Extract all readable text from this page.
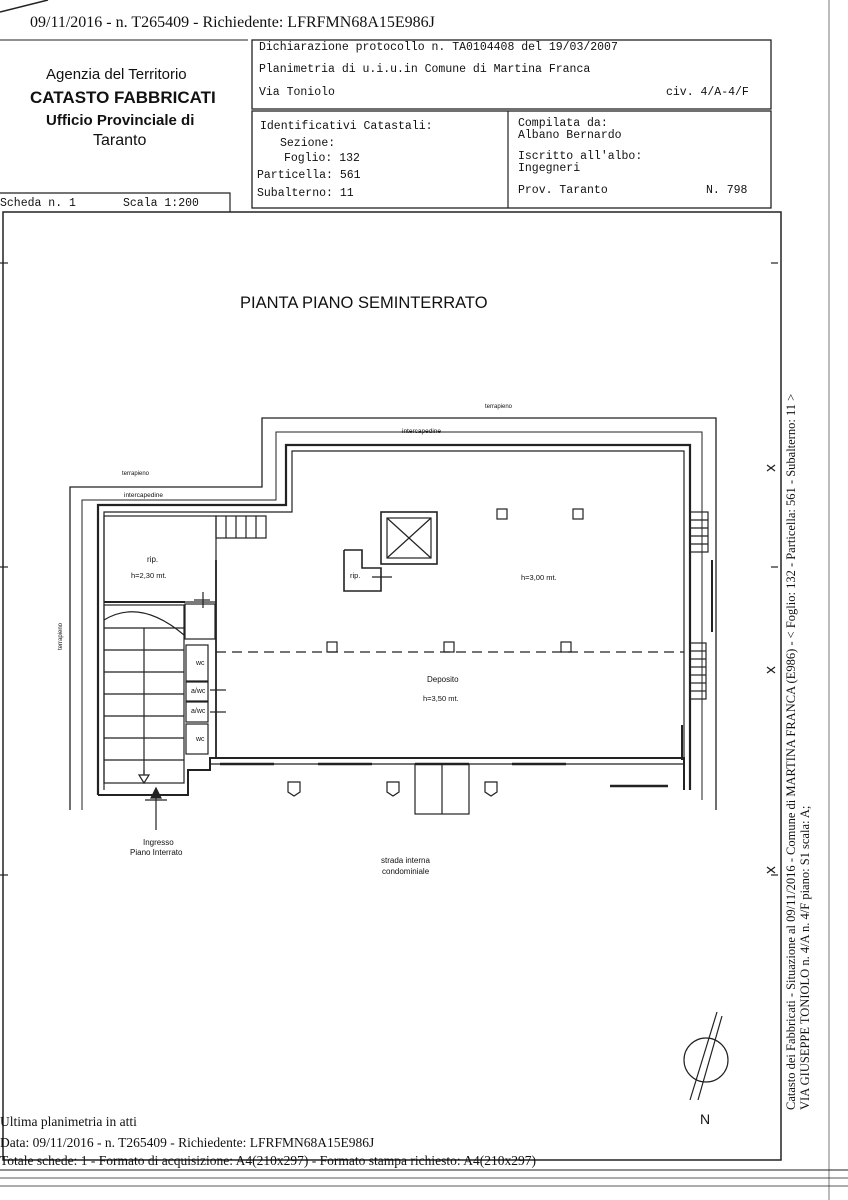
09/11/2016 - n. T265409 - Richiedente: LFRFMN68A15E986J
Agenzia del Territorio
CATASTO FABBRICATI
Ufficio Provinciale di
Taranto
Dichiarazione protocollo n. TA0104408 del 19/03/2007
Planimetria di u.i.u.in Comune di Martina Franca
Via Toniolo	civ. 4/A-4/F
Identificativi Catastali:
Sezione:
Foglio: 132
Particella: 561
Subalterno: 11
Compilata da:
Albano Bernardo
Iscritto all'albo:
Ingegneri
Prov. Taranto	N. 798
Scheda n. 1	Scala 1:200
PIANTA PIANO SEMINTERRATO
terrapieno
intercapedine
terrapieno
intercapedine
terrapieno
rip.
h=2,30 mt.	rip.	h=3,00 mt.
Deposito
h=3,50 mt.
wc
a/wc
a/wc
wc
Ingresso
Piano Interrato
strada interna
condominiale
N
Ultima planimetria in atti
Data: 09/11/2016 - n. T265409 - Richiedente: LFRFMN68A15E986J
Totale schede: 1 - Formato di acquisizione: A4(210x297) - Formato stampa richiesto: A4(210x297)
Catasto dei Fabbricati - Situazione al 09/11/2016 - Comune di MARTINA FRANCA (E986) - < Foglio: 132 - Particella: 561 - Subalterno: 11 > VIA GIUSEPPE TONIOLO n. 4/A n. 4/F piano: S1 scala: A;
